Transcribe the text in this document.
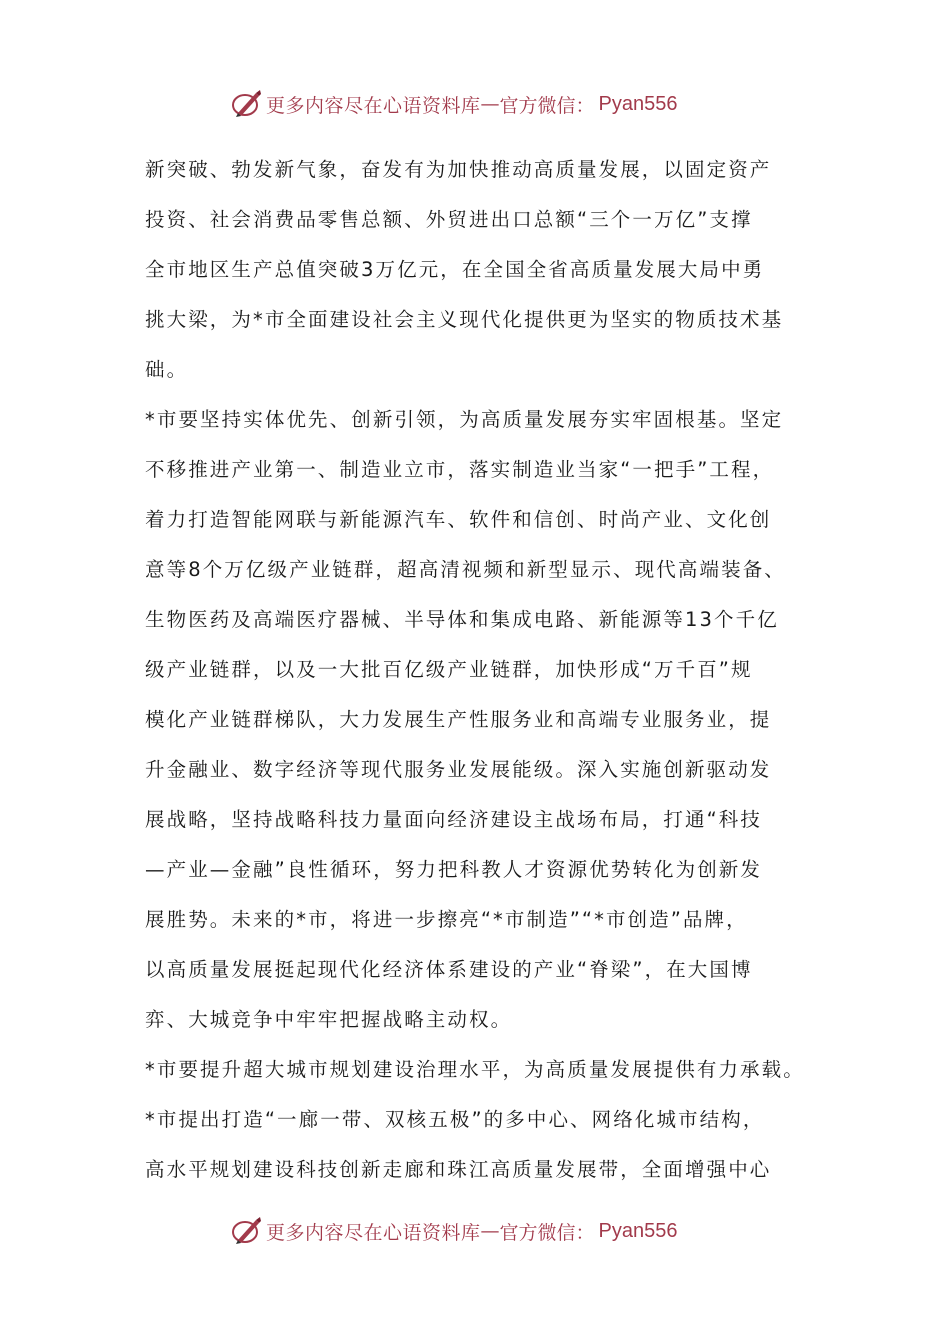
更多内容尽在心语资料库 — 官方微信： Pyan556
新突破、勃发新气象，奋发有为加快推动高质量发展，以固定资产
投资、社会消费品零售总额、外贸进出口总额“三个一万亿”支撑
全市地区生产总值突破3万亿元，在全国全省高质量发展大局中勇
挑大梁，为*市全面建设社会主义现代化提供更为坚实的物质技术基
础。
*市要坚持实体优先、创新引领，为高质量发展夯实牢固根基。坚定
不移推进产业第一、制造业立市，落实制造业当家“一把手”工程，
着力打造智能网联与新能源汽车、软件和信创、时尚产业、文化创
意等8个万亿级产业链群，超高清视频和新型显示、现代高端装备、
生物医药及高端医疗器械、半导体和集成电路、新能源等13个千亿
级产业链群，以及一大批百亿级产业链群，加快形成“万千百”规
模化产业链群梯队，大力发展生产性服务业和高端专业服务业，提
升金融业、数字经济等现代服务业发展能级。深入实施创新驱动发
展战略，坚持战略科技力量面向经济建设主战场布局，打通“科技
—产业—金融”良性循环，努力把科教人才资源优势转化为创新发
展胜势。未来的*市，将进一步擦亮“*市制造”“*市创造”品牌，
以高质量发展挺起现代化经济体系建设的产业“脊梁”，在大国博
弈、大城竞争中牢牢把握战略主动权。
*市要提升超大城市规划建设治理水平，为高质量发展提供有力承载。
*市提出打造“一廊一带、双核五极”的多中心、网络化城市结构，
高水平规划建设科技创新走廊和珠江高质量发展带，全面增强中心
更多内容尽在心语资料库 — 官方微信： Pyan556
